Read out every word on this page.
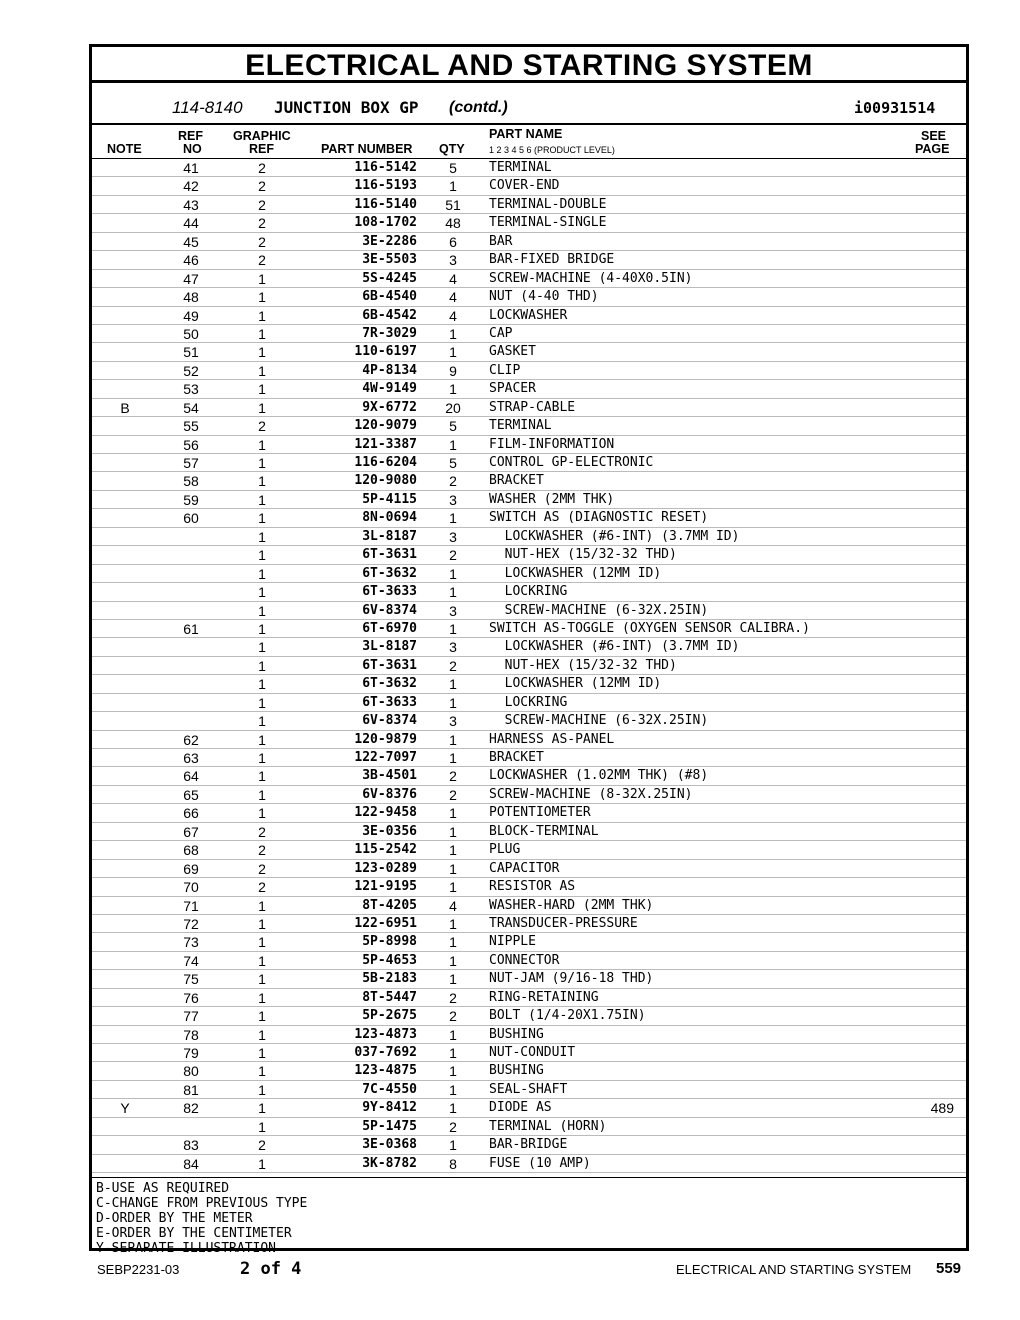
ELECTRICAL AND STARTING SYSTEM
114-8140 JUNCTION BOX GP (contd.)	i00931514
NOTE
REF
NO
GRAPHIC
REF	PART NUMBER QTY
PART NAME
1 2 3 4 5 6 (PRODUCT LEVEL)
SEE
PAGE
41	2	116-5142	5	TERMINAL
42	2	116-5193	1	COVER-END
43	2	116-5140	51	TERMINAL-DOUBLE
44	2	108-1702	48	TERMINAL-SINGLE
45	2	3E-2286	6	BAR
46	2	3E-5503	3	BAR-FIXED BRIDGE
47	1	5S-4245	4	SCREW-MACHINE (4-40X0.5IN)
48	1	6B-4540	4	NUT (4-40 THD)
49	1	6B-4542	4	LOCKWASHER
50	1	7R-3029	1	CAP
51	1	110-6197	1	GASKET
52	1	4P-8134	9	CLIP
53	1	4W-9149	1	SPACER
B	54	1	9X-6772	20	STRAP-CABLE
55	2	120-9079	5	TERMINAL
56	1	121-3387	1	FILM-INFORMATION
57	1	116-6204	5	CONTROL GP-ELECTRONIC
58	1	120-9080	2	BRACKET
59	1	5P-4115	3	WASHER (2MM THK)
60	1	8N-0694	1	SWITCH AS (DIAGNOSTIC RESET)
1	3L-8187	3	LOCKWASHER (#6-INT) (3.7MM ID)
1	6T-3631	2	NUT-HEX (15/32-32 THD)
1	6T-3632	1	LOCKWASHER (12MM ID)
1	6T-3633	1	LOCKRING
1	6V-8374	3	SCREW-MACHINE (6-32X.25IN)
61	1	6T-6970	1	SWITCH AS-TOGGLE (OXYGEN SENSOR CALIBRA.)
1	3L-8187	3	LOCKWASHER (#6-INT) (3.7MM ID)
1	6T-3631	2	NUT-HEX (15/32-32 THD)
1	6T-3632	1	LOCKWASHER (12MM ID)
1	6T-3633	1	LOCKRING
1	6V-8374	3	SCREW-MACHINE (6-32X.25IN)
62	1	120-9879	1	HARNESS AS-PANEL
63	1	122-7097	1	BRACKET
64	1	3B-4501	2	LOCKWASHER (1.02MM THK) (#8)
65	1	6V-8376	2	SCREW-MACHINE (8-32X.25IN)
66	1	122-9458	1	POTENTIOMETER
67	2	3E-0356	1	BLOCK-TERMINAL
68	2	115-2542	1	PLUG
69	2	123-0289	1	CAPACITOR
70	2	121-9195	1	RESISTOR AS
71	1	8T-4205	4	WASHER-HARD (2MM THK)
72	1	122-6951	1	TRANSDUCER-PRESSURE
73	1	5P-8998	1	NIPPLE
74	1	5P-4653	1	CONNECTOR
75	1	5B-2183	1	NUT-JAM (9/16-18 THD)
76	1	8T-5447	2	RING-RETAINING
77	1	5P-2675	2	BOLT (1/4-20X1.75IN)
78	1	123-4873	1	BUSHING
79	1	037-7692	1	NUT-CONDUIT
80	1	123-4875	1	BUSHING
81	1	7C-4550	1	SEAL-SHAFT
Y	82	1	9Y-8412	1	DIODE AS	489
1	5P-1475	2	TERMINAL (HORN)
83	2	3E-0368	1	BAR-BRIDGE
84	1	3K-8782	8	FUSE (10 AMP)
B-USE AS REQUIRED
C-CHANGE FROM PREVIOUS TYPE
D-ORDER BY THE METER
E-ORDER BY THE CENTIMETER
Y-SEPARATE ILLUSTRATION
SEBP2231-03	2 of 4	ELECTRICAL AND STARTING SYSTEM 559
